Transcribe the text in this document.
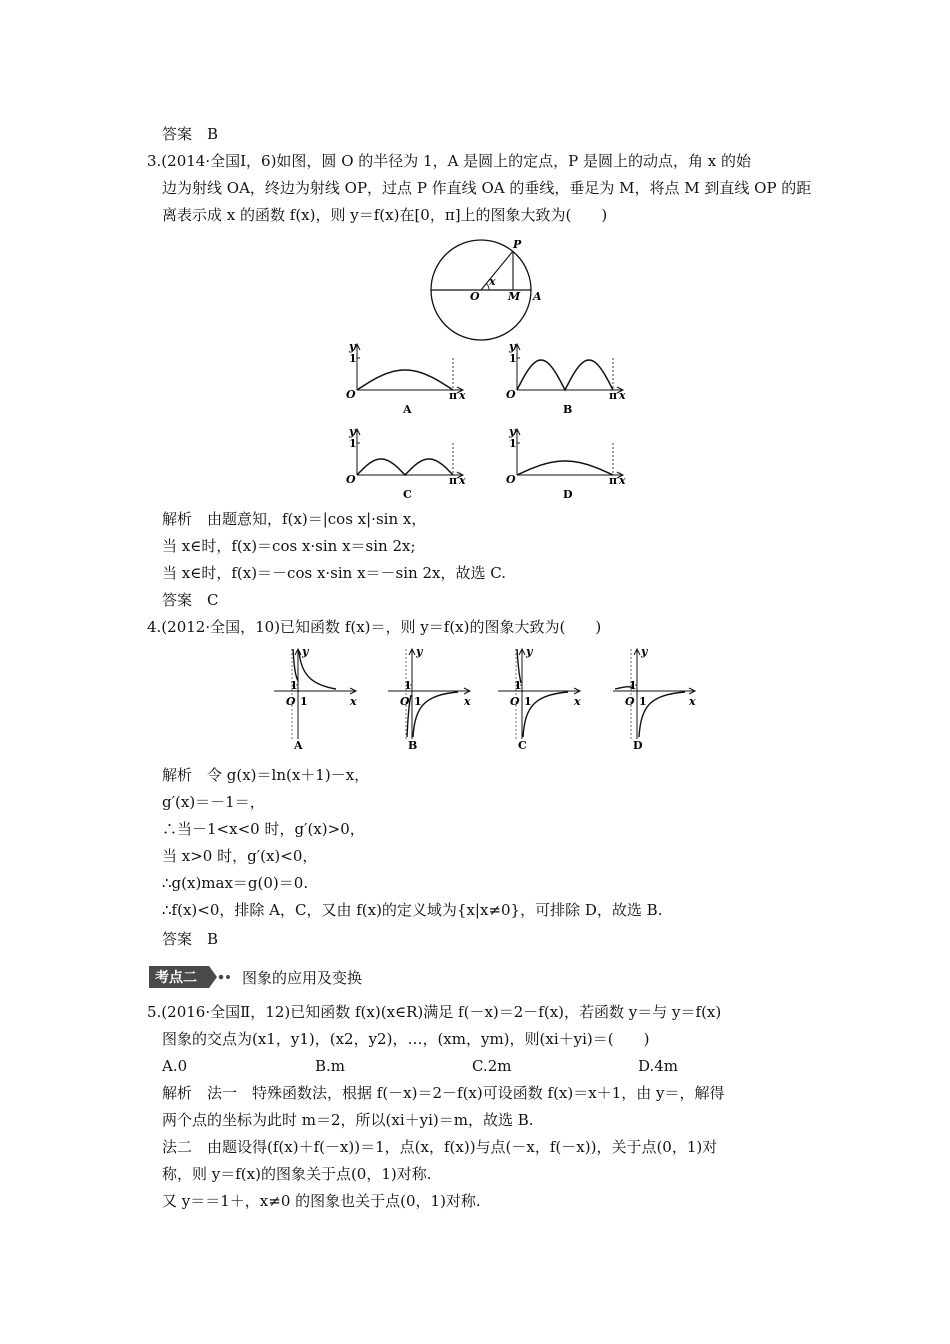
答案　B
3.(2014·全国Ⅰ，6)如图，圆 O 的半径为 1，A 是圆上的定点，P 是圆上的动点，角 x 的始
边为射线 OA，终边为射线 OP，过点 P 作直线 OA 的垂线，垂足为 M，将点 M 到直线 OP 的距
离表示成 x 的函数 f(x)，则 y＝f(x)在[0，π]上的图象大致为(　　)
O	A
P
M
x
y
1
O	π x
A
y
1
O	π x
B
y
1
O	π x
C
y
1
O	π x
D
解析　由题意知，f(x)＝|cos x|·sin x，
当 x∈时，f(x)＝cos x·sin x＝sin 2x;
当 x∈时，f(x)＝－cos x·sin x＝－sin 2x，故选 C.
答案　C
4.(2012·全国，10)已知函数 f(x)＝，则 y＝f(x)的图象大致为(　　)
y
x
O 1
1
A
y
x
O 1
1
B
y
x
O 1
1
C
y
x
O 1
1
D
解析　令 g(x)＝ln(x＋1)－x，
g′(x)＝－1＝，
∴当－1<x<0 时，g′(x)>0，
当 x>0 时，g′(x)<0，
∴g(x)max＝g(0)＝0.
∴f(x)<0，排除 A，C，又由 f(x)的定义域为{x|x≠0}，可排除 D，故选 B.
答案　B
考点二	图象的应用及变换
5.(2016·全国Ⅱ，12)已知函数 f(x)(x∈R)满足 f(－x)＝2－f(x)，若函数 y＝与 y＝f(x)
图象的交点为(x1，y1)，(x2，y2)，…，(xm，ym)，则(xi＋yi)＝(　　)
A.0	B.m	C.2m	D.4m
解析　法一　特殊函数法，根据 f(－x)＝2－f(x)可设函数 f(x)＝x＋1，由 y＝，解得
两个点的坐标为此时 m＝2，所以(xi＋yi)＝m，故选 B.
法二　由题设得(f(x)＋f(－x))＝1，点(x，f(x))与点(－x，f(－x))，关于点(0，1)对
称，则 y＝f(x)的图象关于点(0，1)对称.
又 y＝＝1＋，x≠0 的图象也关于点(0，1)对称.
